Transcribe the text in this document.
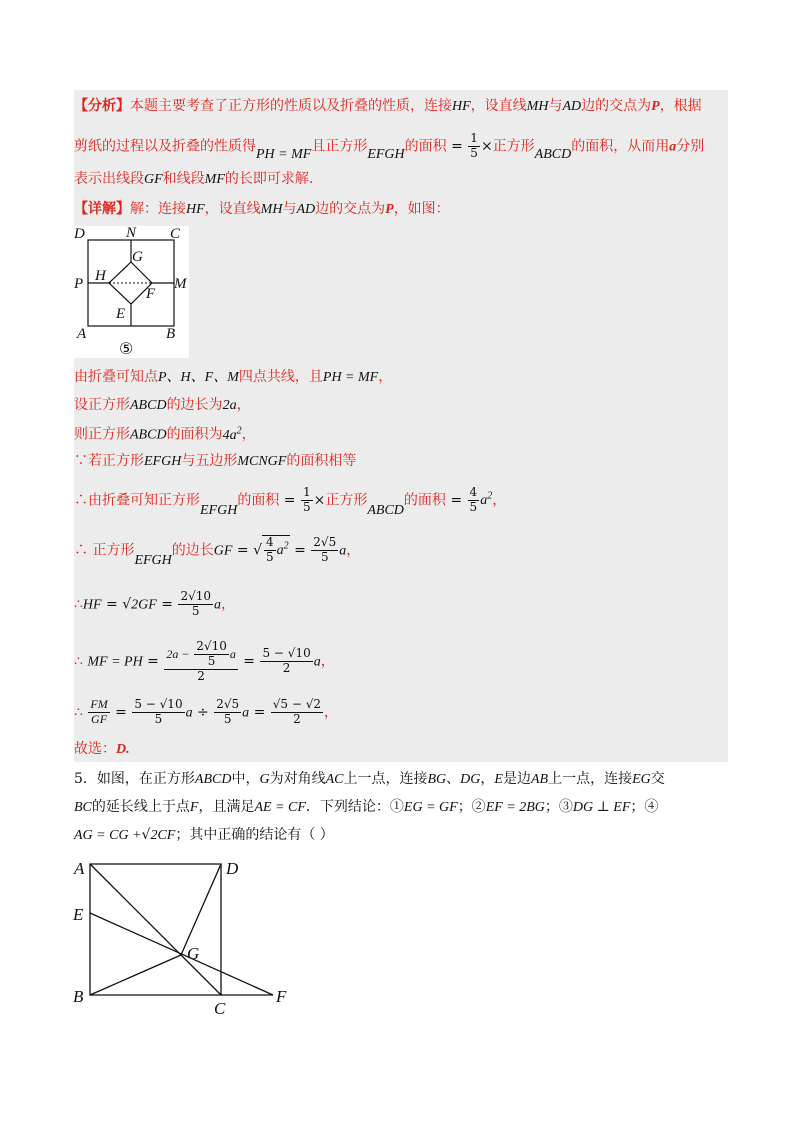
【分析】本题主要考查了正方形的性质以及折叠的性质，连接HF，设直线MH与AD边的交点为P，根据
剪纸的过程以及折叠的性质得PH = MF且正方形EFGH的面积 = $\frac{1}{5}$ ×正方形ABCD的面积，从而用a分别
表示出线段GF和线段MF的长即可求解.
【详解】解：连接HF，设直线MH与AD边的交点为P，如图：
D	N C
G
H
P	M
F
E
A	B
⑤
由折叠可知点P、H、F、M四点共线，且PH = MF，
设正方形ABCD的边长为2a，
则正方形ABCD的面积为$4a^2$，
∵若正方形EFGH与五边形MCNGF的面积相等
∴由折叠可知正方形EFGH的面积 = $\frac{1}{5}$ ×正方形ABCD的面积 = $\frac{4}{5} a^2$，
∴ 正方形EFGH的边长GF = √ $\frac{4}{5} a^2 = \frac{2√5}{5}$ a，
∴HF = $√2GF = \frac{2√10}{5}$ a，
∴ MF = PH = $\frac{2a - \frac{2√10}{5} a}{2} = \frac{5 - √10}{2}$ a，
∴ $\frac{FM}{GF} = \frac{5 - √10}{5}$ $a \div \frac{2√5}{5}$ $a = \frac{√5 - √2}{2}$ ，
故选：D.
5．如图，在正方形ABCD中，G为对角线AC上一点，连接BG、DG，E是边AB上一点，连接EG交
BC的延长线上于点F，且满足AE = CF．下列结论：①EG = GF；②EF = 2BG；③DG ⊥ EF；④
AG = CG +√2CF；其中正确的结论有（ ）
A	D
E
G
B
C
F
